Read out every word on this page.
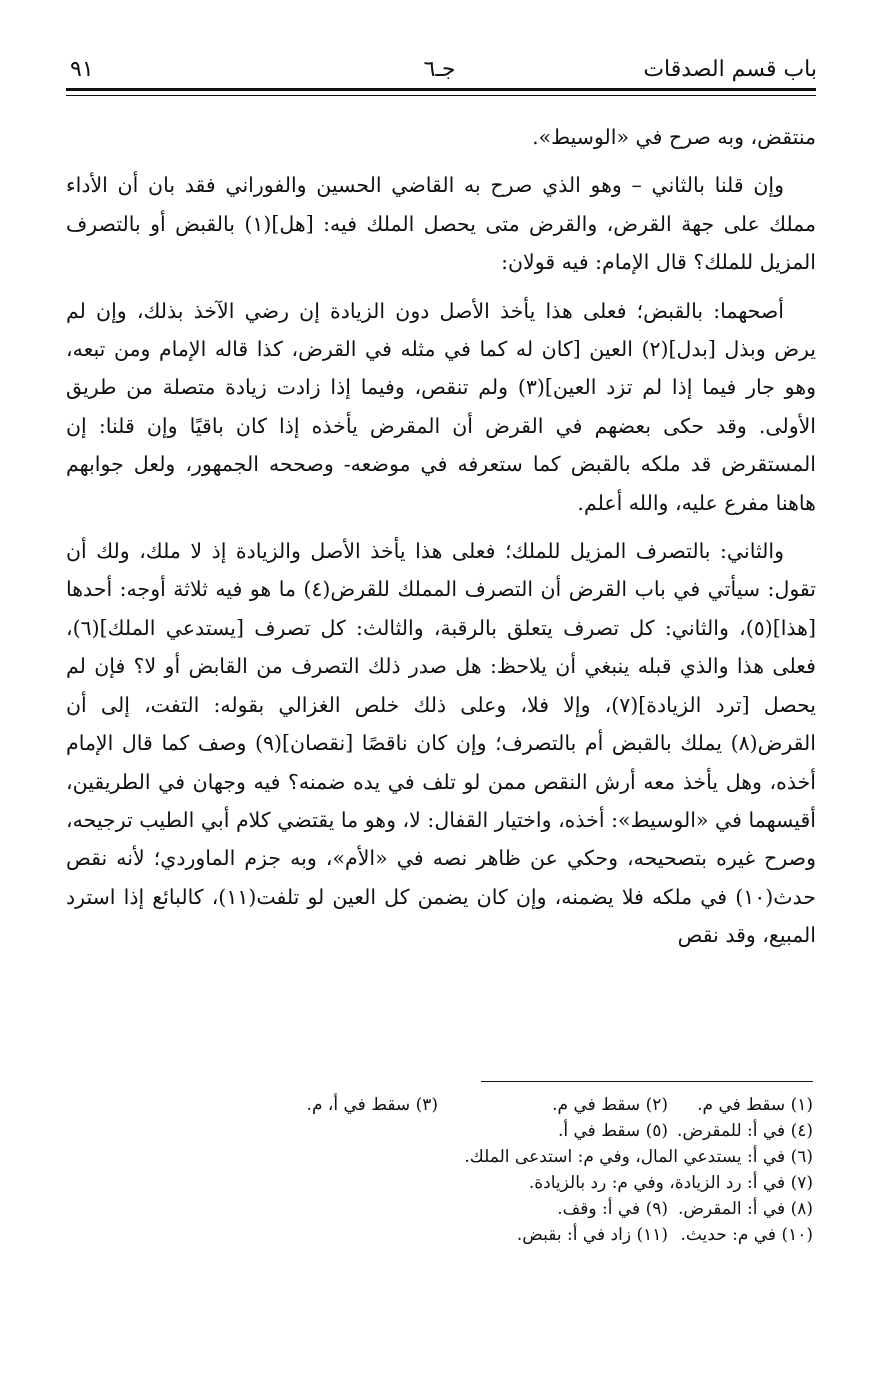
باب قسم الصدقات
جـ٦
٩١

منتقض، وبه صرح في «الوسيط».

وإن قلنا بالثاني – وهو الذي صرح به القاضي الحسين والفوراني فقد بان أن الأداء مملك على جهة القرض، والقرض متى يحصل الملك فيه: [هل](١) بالقبض أو بالتصرف المزيل للملك؟ قال الإمام: فيه قولان:

أصحهما: بالقبض؛ فعلى هذا يأخذ الأصل دون الزيادة إن رضي الآخذ بذلك، وإن لم يرض وبذل [بدل](٢) العين [كان له كما في مثله في القرض، كذا قاله الإمام ومن تبعه، وهو جار فيما إذا لم تزد العين](٣) ولم تنقص، وفيما إذا زادت زيادة متصلة من طريق الأولى. وقد حكى بعضهم في القرض أن المقرض يأخذه إذا كان باقيًا وإن قلنا: إن المستقرض قد ملكه بالقبض كما ستعرفه في موضعه- وصححه الجمهور، ولعل جوابهم هاهنا مفرع عليه، والله أعلم.

والثاني: بالتصرف المزيل للملك؛ فعلى هذا يأخذ الأصل والزيادة إذ لا ملك، ولك أن تقول: سيأتي في باب القرض أن التصرف المملك للقرض(٤) ما هو فيه ثلاثة أوجه: أحدها [هذا](٥)، والثاني: كل تصرف يتعلق بالرقبة، والثالث: كل تصرف [يستدعي الملك](٦)، فعلى هذا والذي قبله ينبغي أن يلاحظ: هل صدر ذلك التصرف من القابض أو لا؟ فإن لم يحصل [ترد الزيادة](٧)، وإلا فلا، وعلى ذلك خلص الغزالي بقوله: التفت، إلى أن القرض(٨) يملك بالقبض أم بالتصرف؛ وإن كان ناقصًا [نقصان](٩) وصف كما قال الإمام أخذه، وهل يأخذ معه أرش النقص ممن لو تلف في يده ضمنه؟ فيه وجهان في الطريقين، أقيسهما في «الوسيط»: أخذه، واختيار القفال: لا، وهو ما يقتضي كلام أبي الطيب ترجيحه، وصرح غيره بتصحيحه، وحكي عن ظاهر نصه في «الأم»، وبه جزم الماوردي؛ لأنه نقص حدث(١٠) في ملكه فلا يضمنه، وإن كان يضمن كل العين لو تلفت(١١)، كالبائع إذا استرد المبيع، وقد نقص

(١) سقط في م.
(٢) سقط في م.
(٣) سقط في أ، م.
(٤) في أ: للمقرض.
(٥) سقط في أ.
(٦) في أ: يستدعي المال، وفي م: استدعى الملك.
(٧) في أ: رد الزيادة، وفي م: رد بالزيادة.
(٨) في أ: المقرض.
(٩) في أ: وقف.
(١٠) في م: حديث.
(١١) زاد في أ: بقبض.
